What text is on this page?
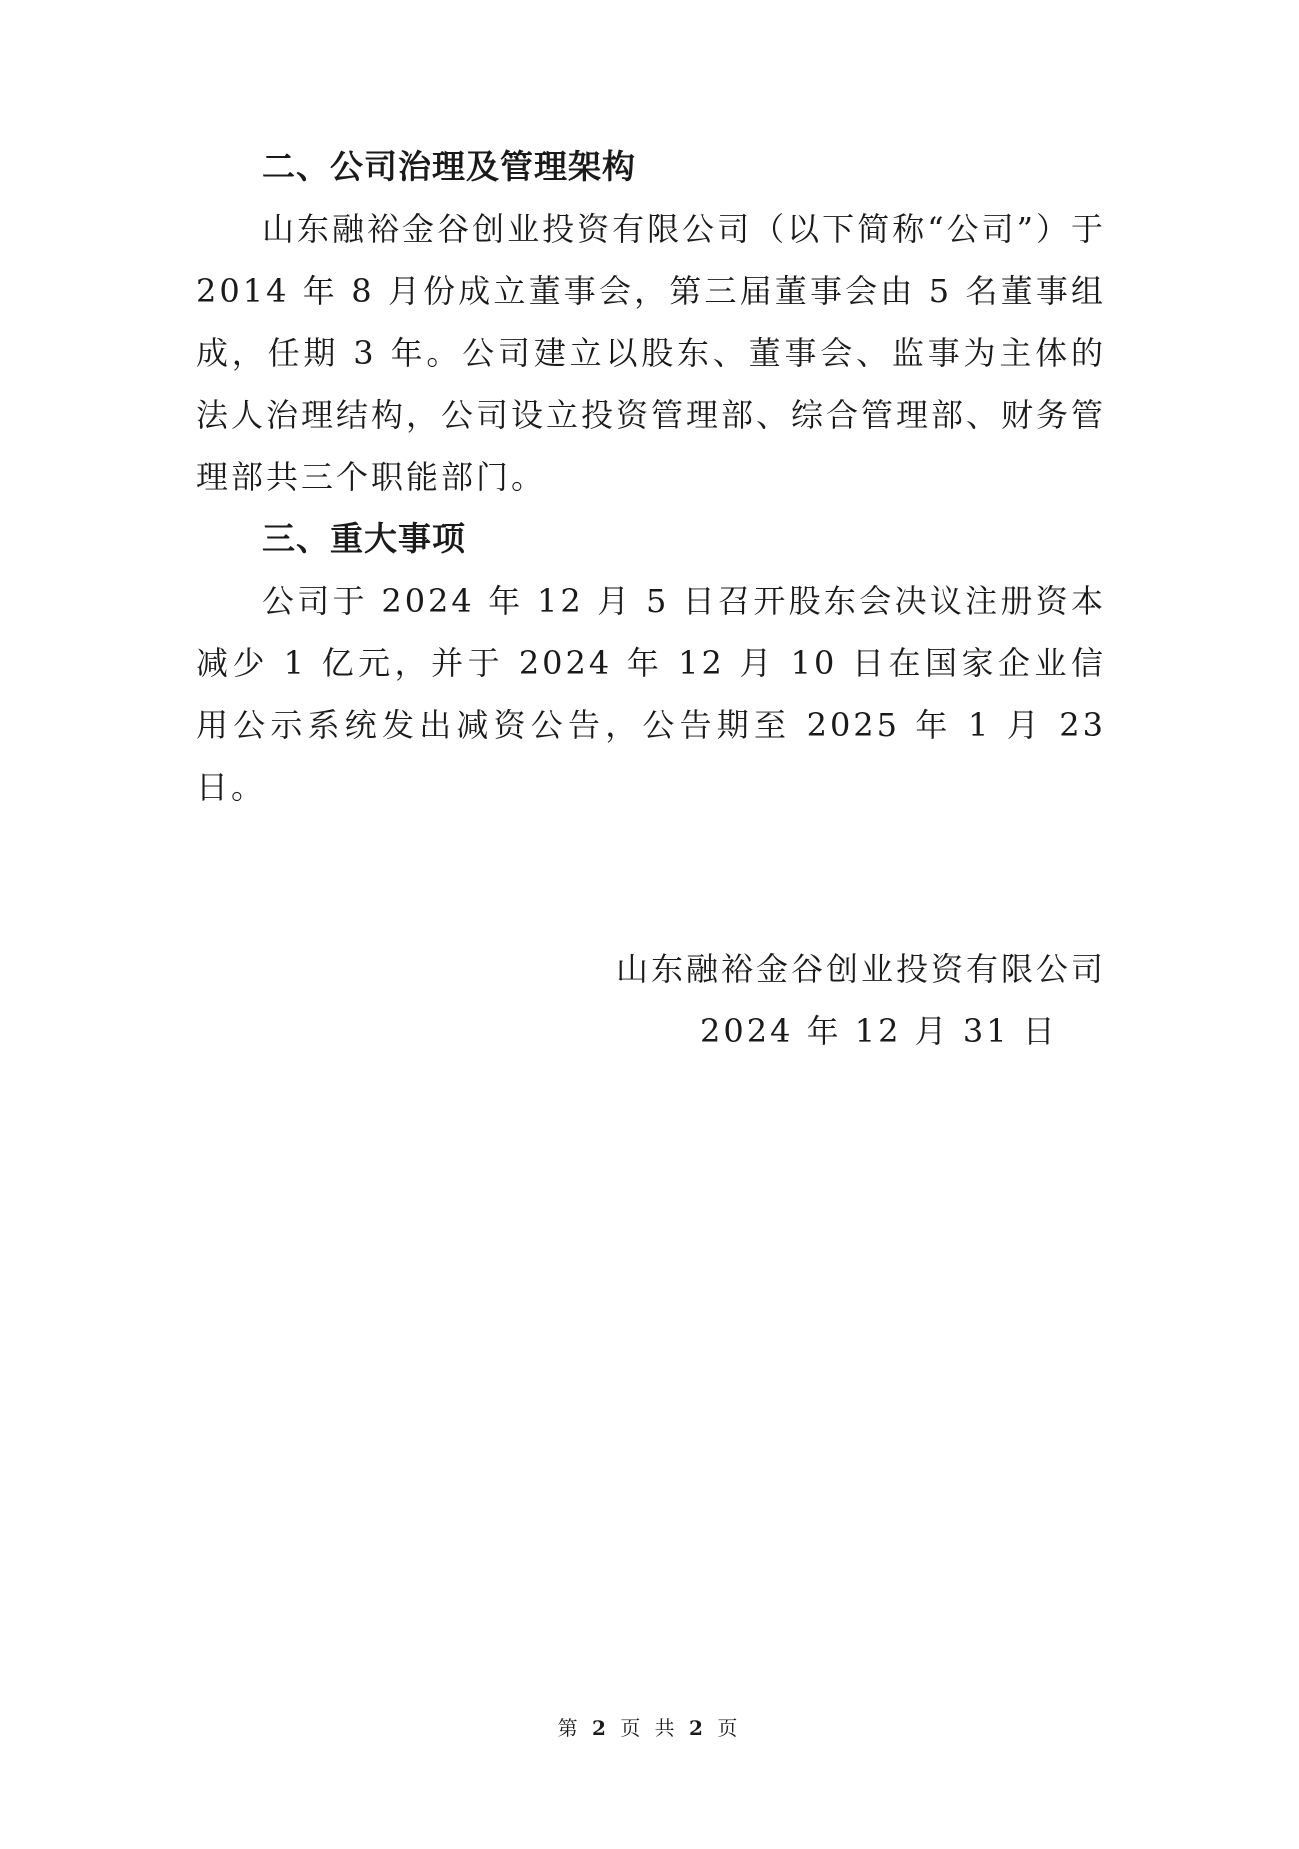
二、公司治理及管理架构

山东融裕金谷创业投资有限公司（以下简称“公司”）于 2014 年 8 月份成立董事会，第三届董事会由 5 名董事组成，任期 3 年。公司建立以股东、董事会、监事为主体的法人治理结构，公司设立投资管理部、综合管理部、财务管理部共三个职能部门。

三、重大事项

公司于 2024 年 12 月 5 日召开股东会决议注册资本减少 1 亿元，并于 2024 年 12 月 10 日在国家企业信用公示系统发出减资公告，公告期至 2025 年 1 月 23 日。

山东融裕金谷创业投资有限公司

2024 年 12 月 31 日

第 2 页 共 2 页
